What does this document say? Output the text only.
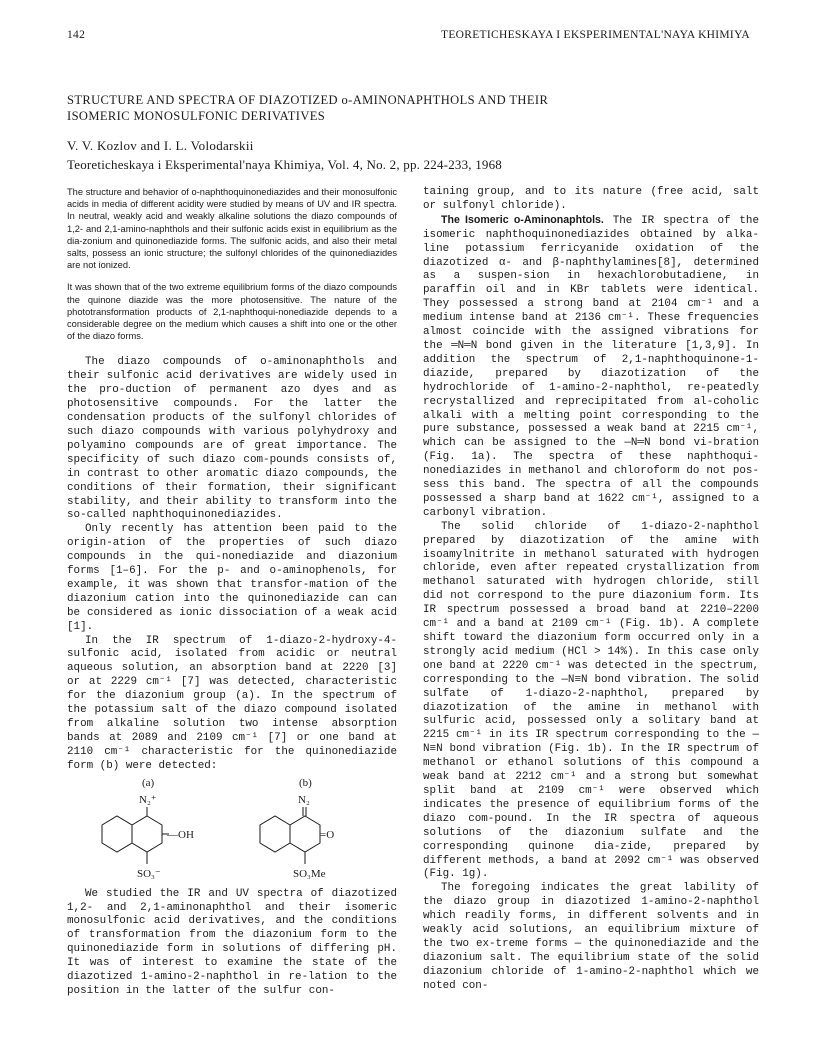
142	TEORETICHESKAYA I EKSPERIMENTAL'NAYA KHIMIYA
STRUCTURE AND SPECTRA OF DIAZOTIZED o-AMINONAPHTHOLS AND THEIR
ISOMERIC MONOSULFONIC DERIVATIVES
V. V. Kozlov and I. L. Volodarskii
Teoreticheskaya i Eksperimental'naya Khimiya, Vol. 4, No. 2, pp. 224-233, 1968

The structure and behavior of o-naphthoquinonediazides and their monosulfonic acids in media of different acidity were studied by means of UV and IR spectra. In neutral, weakly acid and weakly alkaline solutions the diazo compounds of 1,2- and 2,1-amino-naphthols and their sulfonic acids exist in equilibrium as the dia-zonium and quinonediazide forms. The sulfonic acids, and also their metal salts, possess an ionic structure; the sulfonyl chlorides of the quinonediazides are not ionized.

It was shown that of the two extreme equilibrium forms of the diazo compounds the quinone diazide was the more photosensitive. The nature of the phototransformation products of 2,1-naphthoqui-nonediazide depends to a considerable degree on the medium which causes a shift into one or the other of the diazo forms.

The diazo compounds of o-aminonaphthols and their sulfonic acid derivatives are widely used in the pro-duction of permanent azo dyes and as photosensitive compounds. For the latter the condensation products of the sulfonyl chlorides of such diazo compounds with various polyhydroxy and polyamino compounds are of great importance. The specificity of such diazo com-pounds consists of, in contrast to other aromatic diazo compounds, the conditions of their formation, their significant stability, and their ability to transform into the so-called naphthoquinonediazides.

Only recently has attention been paid to the origin-ation of the properties of such diazo compounds in the qui-nonediazide and diazonium forms [1–6]. For the p- and o-aminophenols, for example, it was shown that transfor-mation of the diazonium cation into the quinonediazide can can be considered as ionic dissociation of a weak acid [1].

In the IR spectrum of 1-diazo-2-hydroxy-4-sulfonic acid, isolated from acidic or neutral aqueous solution, an absorption band at 2220 [3] or at 2229 cm⁻¹ [7] was detected, characteristic for the diazonium group (a). In the spectrum of the potassium salt of the diazo compound isolated from alkaline solution two intense absorption bands at 2089 and 2109 cm⁻¹ [7] or one band at 2110 cm⁻¹ characteristic for the quinonediazide form (b) were detected:

(a)
N₂⁺
—OH
SO₃⁻
(b)
N₂
=O
SO₃Me

We studied the IR and UV spectra of diazotized 1,2- and 2,1-aminonaphthol and their isomeric monosulfonic acid derivatives, and the conditions of transformation from the diazonium form to the quinonediazide form in solutions of differing pH. It was of interest to examine the state of the diazotized 1-amino-2-naphthol in re-lation to the position in the latter of the sulfur con-

taining group, and to its nature (free acid, salt or sulfonyl chloride).

The Isomeric o-Aminonaphtols. The IR spectra of the isomeric naphthoquinonediazides obtained by alka-line potassium ferricyanide oxidation of the diazotized α- and β-naphthylamines[8], determined as a suspen-sion in hexachlorobutadiene, in paraffin oil and in KBr tablets were identical. They possessed a strong band at 2104 cm⁻¹ and a medium intense band at 2136 cm⁻¹. These frequencies almost coincide with the assigned vibrations for the ═N═N bond given in the literature [1,3,9]. In addition the spectrum of 2,1-naphthoquinone-1-diazide, prepared by diazotization of the hydrochloride of 1-amino-2-naphthol, re-peatedly recrystallized and reprecipitated from al-coholic alkali with a melting point corresponding to the pure substance, possessed a weak band at 2215 cm⁻¹, which can be assigned to the —N═N bond vi-bration (Fig. 1a). The spectra of these naphthoqui-nonediazides in methanol and chloroform do not pos-sess this band. The spectra of all the compounds possessed a sharp band at 1622 cm⁻¹, assigned to a carbonyl vibration.

The solid chloride of 1-diazo-2-naphthol prepared by diazotization of the amine with isoamylnitrite in methanol saturated with hydrogen chloride, even after repeated crystallization from methanol saturated with hydrogen chloride, still did not correspond to the pure diazonium form. Its IR spectrum possessed a broad band at 2210–2200 cm⁻¹ and a band at 2109 cm⁻¹ (Fig. 1b). A complete shift toward the diazonium form occurred only in a strongly acid medium (HCl > 14%). In this case only one band at 2220 cm⁻¹ was detected in the spectrum, corresponding to the —N≡N bond vibration. The solid sulfate of 1-diazo-2-naphthol, prepared by diazotization of the amine in methanol with sulfuric acid, possessed only a solitary band at 2215 cm⁻¹ in its IR spectrum corresponding to the —N≡N bond vibration (Fig. 1b). In the IR spectrum of methanol or ethanol solutions of this compound a weak band at 2212 cm⁻¹ and a strong but somewhat split band at 2109 cm⁻¹ were observed which indicates the presence of equilibrium forms of the diazo com-pound. In the IR spectra of aqueous solutions of the diazonium sulfate and the corresponding quinone dia-zide, prepared by different methods, a band at 2092 cm⁻¹ was observed (Fig. 1g).

The foregoing indicates the great lability of the diazo group in diazotized 1-amino-2-naphthol which readily forms, in different solvents and in weakly acid solutions, an equilibrium mixture of the two ex-treme forms — the quinonediazide and the diazonium salt. The equilibrium state of the solid diazonium chloride of 1-amino-2-naphthol which we noted con-
